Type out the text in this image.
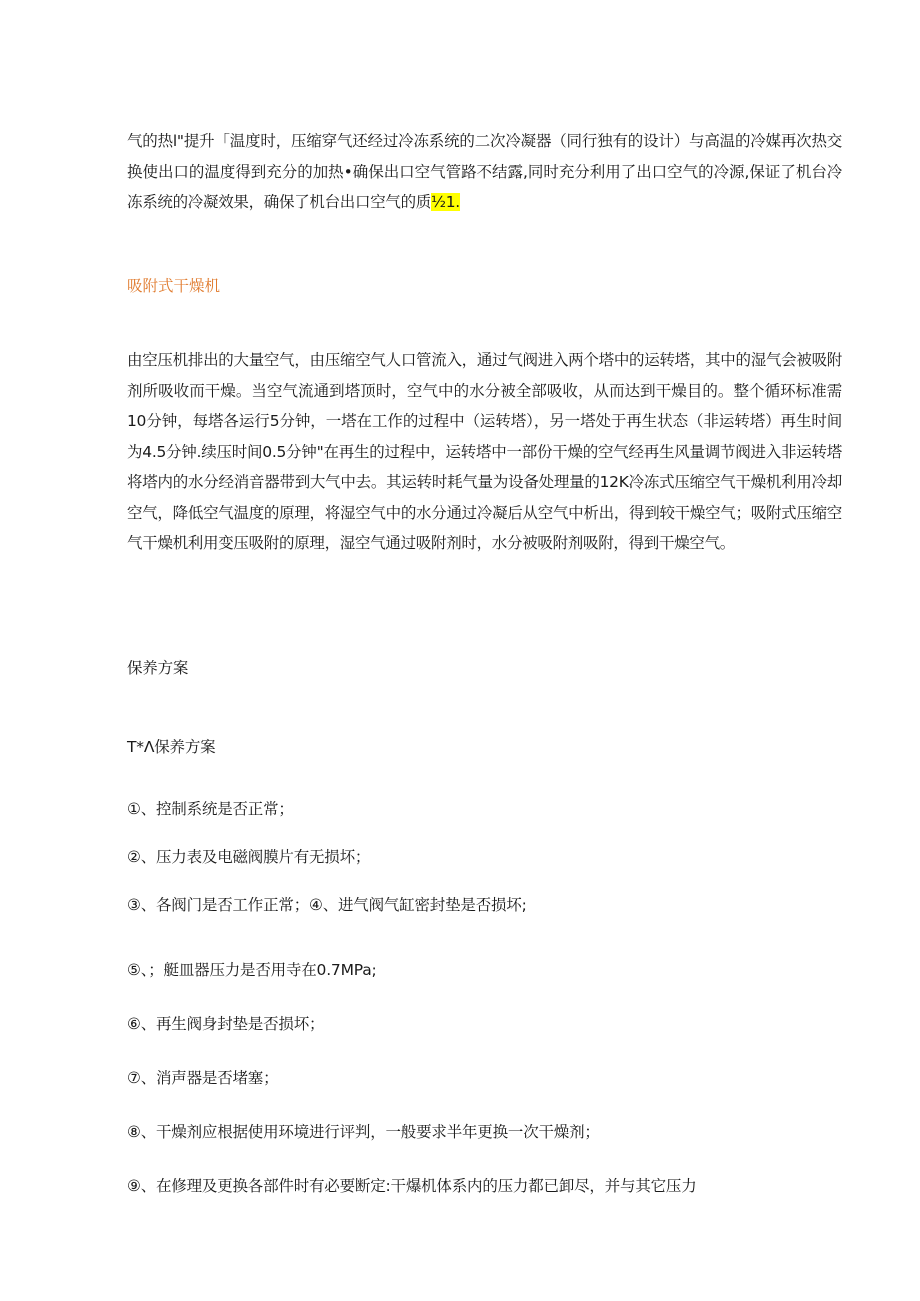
气的热l"提升「温度时，压缩穿气还经过冷冻系统的二次冷凝器（同行独有的设计）与高温的冷媒再次热交换使出口的温度得到充分的加热•确保出口空气管路不结露,同时充分利用了出口空气的冷源,保证了机台冷冻系统的冷凝效果，确保了机台出口空气的质½1.

吸附式干燥机

由空压机排出的大量空气，由压缩空气人口管流入，通过气阀进入两个塔中的运转塔，其中的湿气会被吸附剂所吸收而干燥。当空气流通到塔顶时，空气中的水分被全部吸收，从而达到干燥目的。整个循环标准需10分钟，每塔各运行5分钟，一塔在工作的过程中（运转塔），另一塔处于再生状态（非运转塔）再生时间为4.5分钟.续压时间0.5分钟"在再生的过程中，运转塔中一部份干燥的空气经再生风量调节阀进入非运转塔将塔内的水分经消音器带到大气中去。其运转时耗气量为设备处理量的12K冷冻式压缩空气干燥机利用冷却空气，降低空气温度的原理，将湿空气中的水分通过冷凝后从空气中析出，得到较干燥空气；吸附式压缩空气干燥机利用变压吸附的原理，湿空气通过吸附剂时，水分被吸附剂吸附，得到干燥空气。

保养方案
T*Λ保养方案
①、控制系统是否正常；
②、压力表及电磁阀膜片有无损坏；
③、各阀门是否工作正常；④、进气阀气缸密封垫是否损坏;
⑤、；艇皿器压力是否用寺在0.7MPa;
⑥、再生阀身封垫是否损坏；
⑦、消声器是否堵塞；
⑧、干燥剂应根据使用环境进行评判，一般要求半年更换一次干燥剂；
⑨、在修理及更换各部件时有必要断定:干爆机体系内的压力都已卸尽，并与其它压力
